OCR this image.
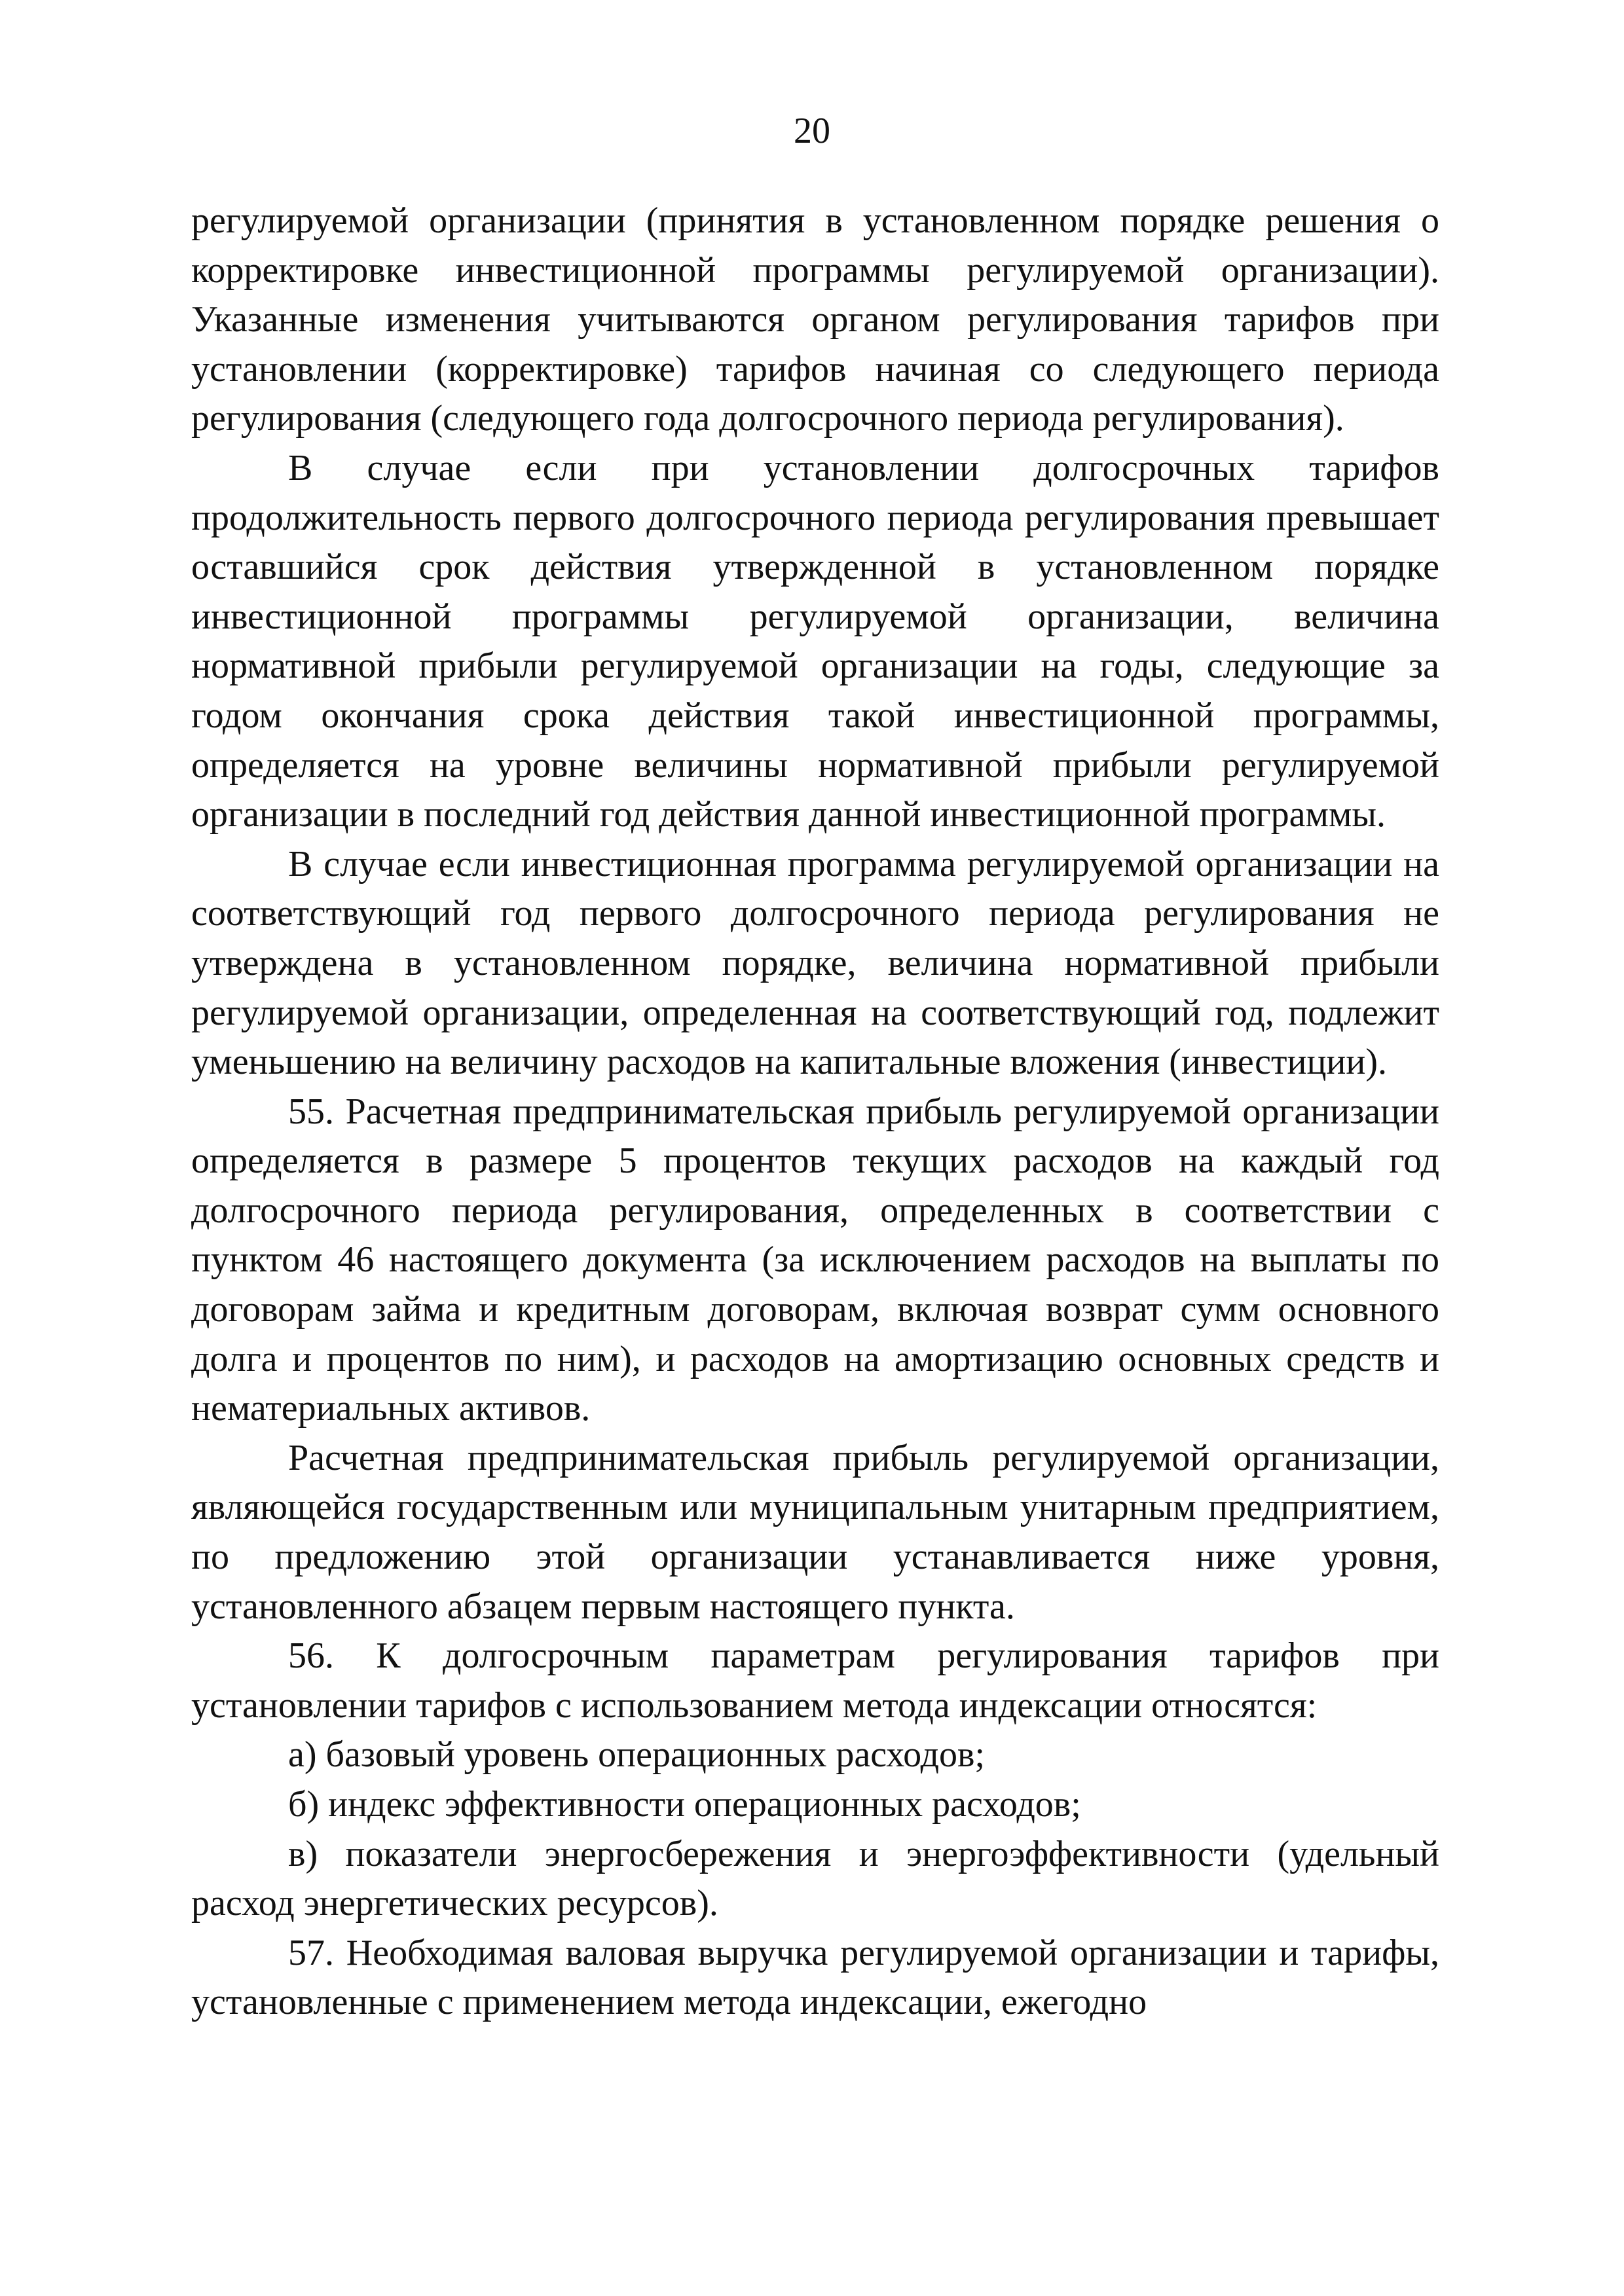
20

регулируемой организации (принятия в установленном порядке решения о корректировке инвестиционной программы регулируемой организации). Указанные изменения учитываются органом регулирования тарифов при установлении (корректировке) тарифов начиная со следующего периода регулирования (следующего года долгосрочного периода регулирования).

В случае если при установлении долгосрочных тарифов продолжительность первого долгосрочного периода регулирования превышает оставшийся срок действия утвержденной в установленном порядке инвестиционной программы регулируемой организации, величина нормативной прибыли регулируемой организации на годы, следующие за годом окончания срока действия такой инвестиционной программы, определяется на уровне величины нормативной прибыли регулируемой организации в последний год действия данной инвестиционной программы.

В случае если инвестиционная программа регулируемой организации на соответствующий год первого долгосрочного периода регулирования не утверждена в установленном порядке, величина нормативной прибыли регулируемой организации, определенная на соответствующий год, подлежит уменьшению на величину расходов на капитальные вложения (инвестиции).

55. Расчетная предпринимательская прибыль регулируемой организации определяется в размере 5 процентов текущих расходов на каждый год долгосрочного периода регулирования, определенных в соответствии с пунктом 46 настоящего документа (за исключением расходов на выплаты по договорам займа и кредитным договорам, включая возврат сумм основного долга и процентов по ним), и расходов на амортизацию основных средств и нематериальных активов.

Расчетная предпринимательская прибыль регулируемой организации, являющейся государственным или муниципальным унитарным предприятием, по предложению этой организации устанавливается ниже уровня, установленного абзацем первым настоящего пункта.

56. К долгосрочным параметрам регулирования тарифов при установлении тарифов с использованием метода индексации относятся:

а) базовый уровень операционных расходов;

б) индекс эффективности операционных расходов;

в) показатели энергосбережения и энергоэффективности (удельный расход энергетических ресурсов).

57. Необходимая валовая выручка регулируемой организации и тарифы, установленные с применением метода индексации, ежегодно
